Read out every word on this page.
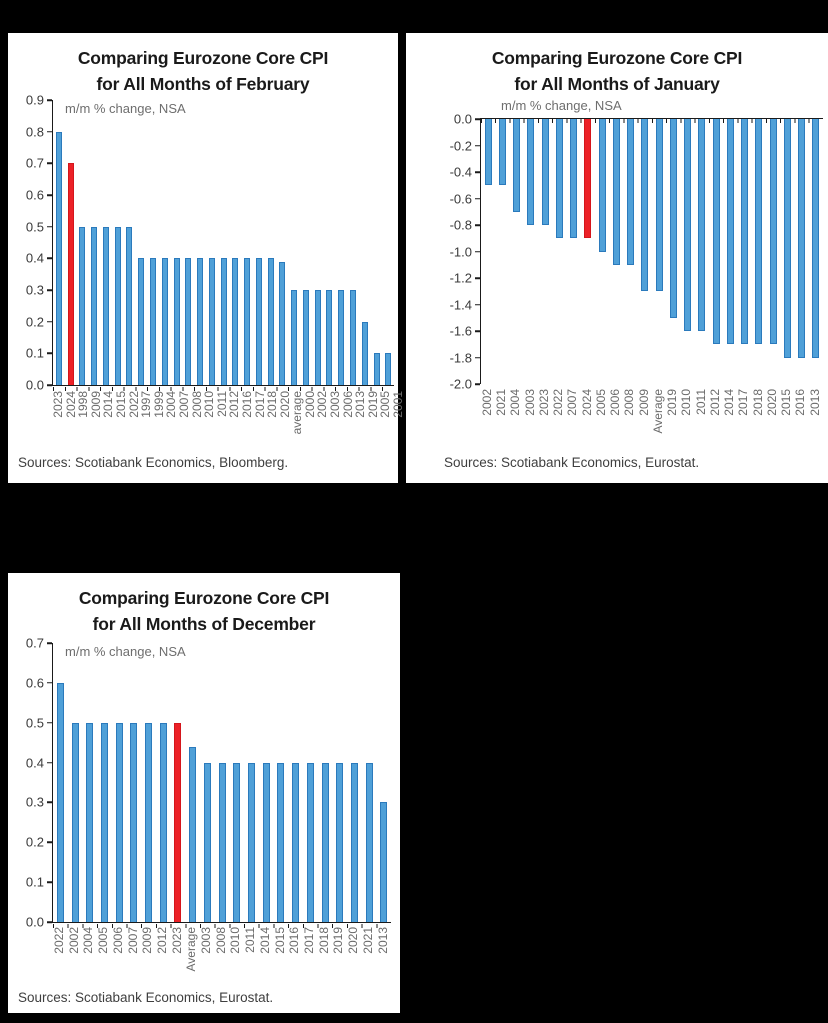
Comparing Eurozone Core CPI
for All Months of February
m/m % change, NSA
0.9
0.8
0.7
0.6
0.5
0.4
0.3
0.2
0.1
0.0
2023
2024
1998
2009
2014
2015
2022
1997
1999
2004
2007
2008
2010
2011
2012
2016
2017
2018
2020
average
2000
2002
2003
2006
2013
2019
2005
2001
Sources: Scotiabank Economics, Bloomberg.
Comparing Eurozone Core CPI
for All Months of January
m/m % change, NSA
0.0
-0.2
-0.4
-0.6
-0.8
-1.0
-1.2
-1.4
-1.6
-1.8
-2.0
2002 2021 2004 2003 2023 2022 2007 2024 2005 2006 2008 2009 Average 2019 2010 2011 2012 2014 2017 2018 2020 2015 2016 2013
Sources: Scotiabank Economics, Eurostat.
Comparing Eurozone Core CPI
for All Months of December
m/m % change, NSA
0.7
0.6
0.5
0.4
0.3
0.2
0.1
0.0
2022 2002 2004 2005 2006 2007 2009 2012 2023 Average 2003 2008 2010 2011 2014 2015 2016 2017 2018 2019 2020 2021 2013
Sources: Scotiabank Economics, Eurostat.
